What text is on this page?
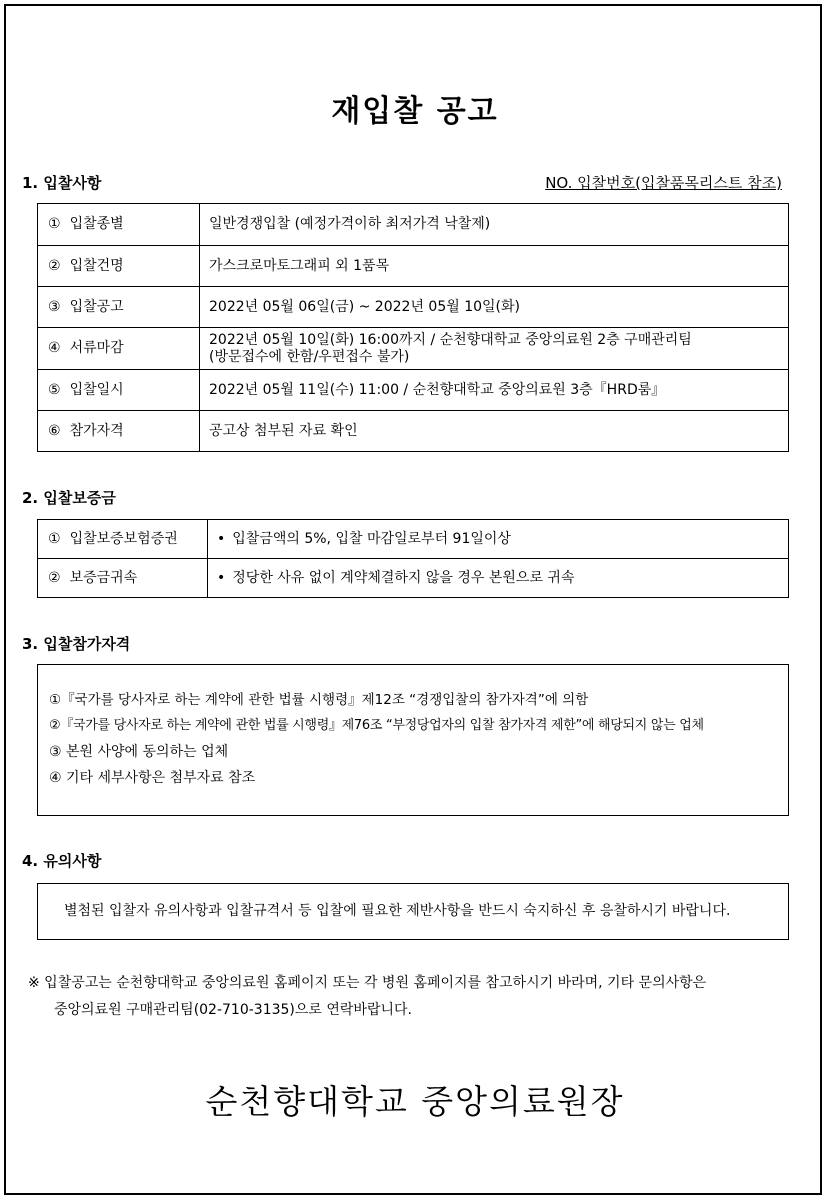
재입찰 공고
1. 입찰사항	NO. 입찰번호(입찰품목리스트 참조)
① 입찰종별	일반경쟁입찰 (예정가격이하 최저가격 낙찰제)
② 입찰건명	가스크로마토그래피 외 1품목
③ 입찰공고	2022년 05월 06일(금) ~ 2022년 05월 10일(화)
④ 서류마감	2022년 05월 10일(화) 16:00까지 / 순천향대학교 중앙의료원 2층 구매관리팀
(방문접수에 한함/우편접수 불가)

⑤ 입찰일시	2022년 05월 11일(수) 11:00 / 순천향대학교 중앙의료원 3층『HRD룸』
⑥ 참가자격	공고상 첨부된 자료 확인
2. 입찰보증금
① 입찰보증보험증권	• 입찰금액의 5%, 입찰 마감일로부터 91일이상
② 보증금귀속	• 정당한 사유 없이 계약체결하지 않을 경우 본원으로 귀속
3. 입찰참가자격
①『국가를 당사자로 하는 계약에 관한 법률 시행령』제12조 “경쟁입찰의 참가자격”에 의함
②『국가를 당사자로 하는 계약에 관한 법률 시행령』제76조 “부정당업자의 입찰 참가자격 제한”에 해당되지 않는 업체
③ 본원 사양에 동의하는 업체
④ 기타 세부사항은 첨부자료 참조
4. 유의사항
별첨된 입찰자 유의사항과 입찰규격서 등 입찰에 필요한 제반사항을 반드시 숙지하신 후 응찰하시기 바랍니다.
※ 입찰공고는 순천향대학교 중앙의료원 홈페이지 또는 각 병원 홈페이지를 참고하시기 바라며, 기타 문의사항은
중앙의료원 구매관리팀(02-710-3135)으로 연락바랍니다.
순천향대학교 중앙의료원장
